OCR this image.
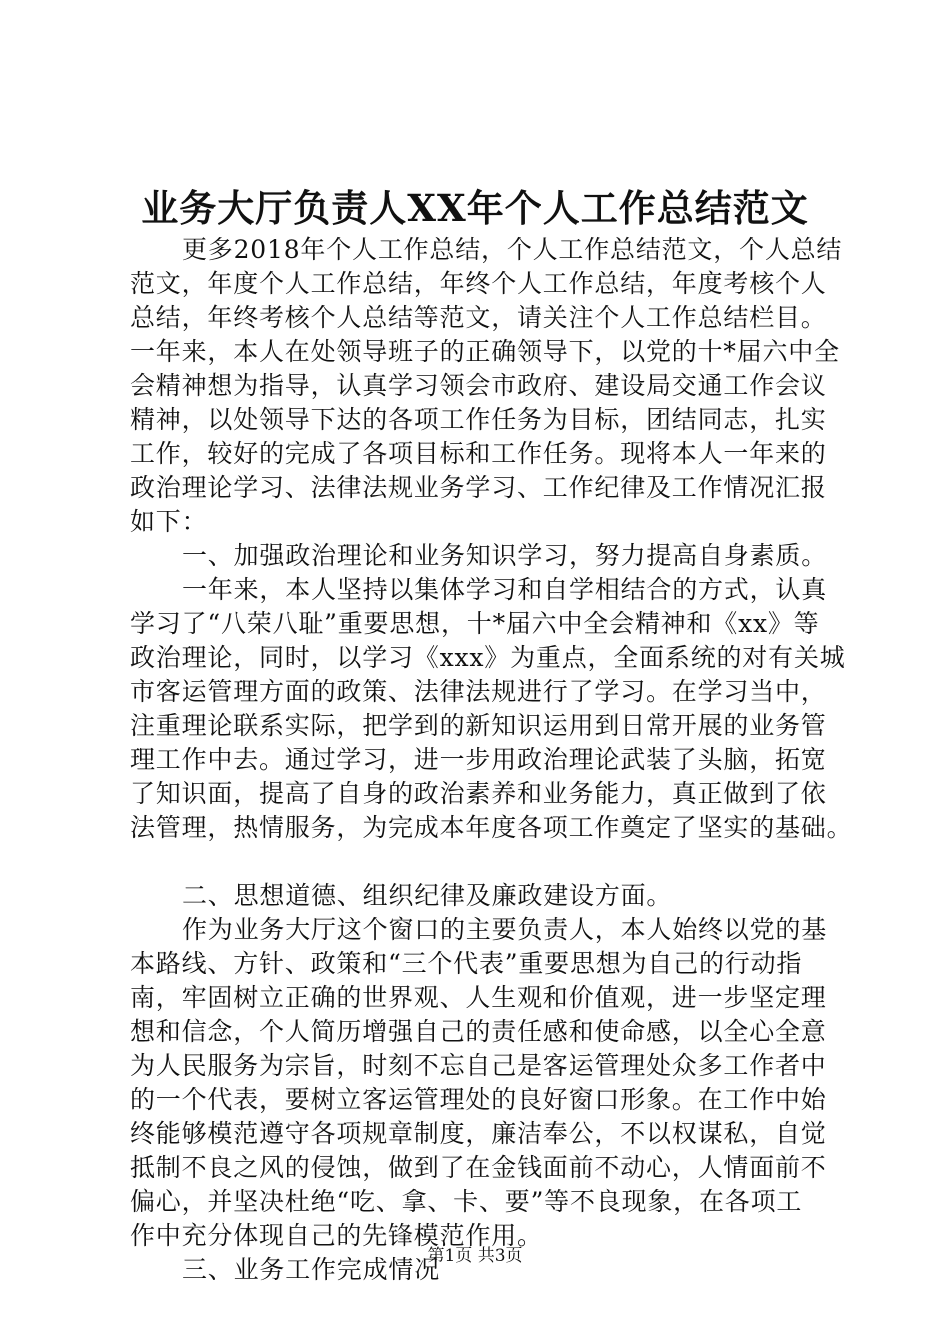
业务大厅负责人XX年个人工作总结范文
更多2018年个人工作总结，个人工作总结范文，个人总结
范文，年度个人工作总结，年终个人工作总结，年度考核个人
总结，年终考核个人总结等范文，请关注个人工作总结栏目。
一年来，本人在处领导班子的正确领导下，以党的十*届六中全
会精神想为指导，认真学习领会市政府、建设局交通工作会议
精神，以处领导下达的各项工作任务为目标，团结同志，扎实
工作，较好的完成了各项目标和工作任务。现将本人一年来的
政治理论学习、法律法规业务学习、工作纪律及工作情况汇报
如下：
一、加强政治理论和业务知识学习，努力提高自身素质。
一年来，本人坚持以集体学习和自学相结合的方式，认真
学习了“八荣八耻”重要思想，十*届六中全会精神和《xx》等
政治理论，同时，以学习《xxx》为重点，全面系统的对有关城
市客运管理方面的政策、法律法规进行了学习。在学习当中，
注重理论联系实际，把学到的新知识运用到日常开展的业务管
理工作中去。通过学习，进一步用政治理论武装了头脑，拓宽
了知识面，提高了自身的政治素养和业务能力，真正做到了依
法管理，热情服务，为完成本年度各项工作奠定了坚实的基础。
二、思想道德、组织纪律及廉政建设方面。
作为业务大厅这个窗口的主要负责人，本人始终以党的基
本路线、方针、政策和“三个代表”重要思想为自己的行动指
南，牢固树立正确的世界观、人生观和价值观，进一步坚定理
想和信念，个人简历增强自己的责任感和使命感，以全心全意
为人民服务为宗旨，时刻不忘自己是客运管理处众多工作者中
的一个代表，要树立客运管理处的良好窗口形象。在工作中始
终能够模范遵守各项规章制度，廉洁奉公，不以权谋私，自觉
抵制不良之风的侵蚀，做到了在金钱面前不动心，人情面前不
偏心，并坚决杜绝“吃、拿、卡、要”等不良现象，在各项工
作中充分体现自己的先锋模范作用。
三、业务工作完成情况
第1页 共3页
